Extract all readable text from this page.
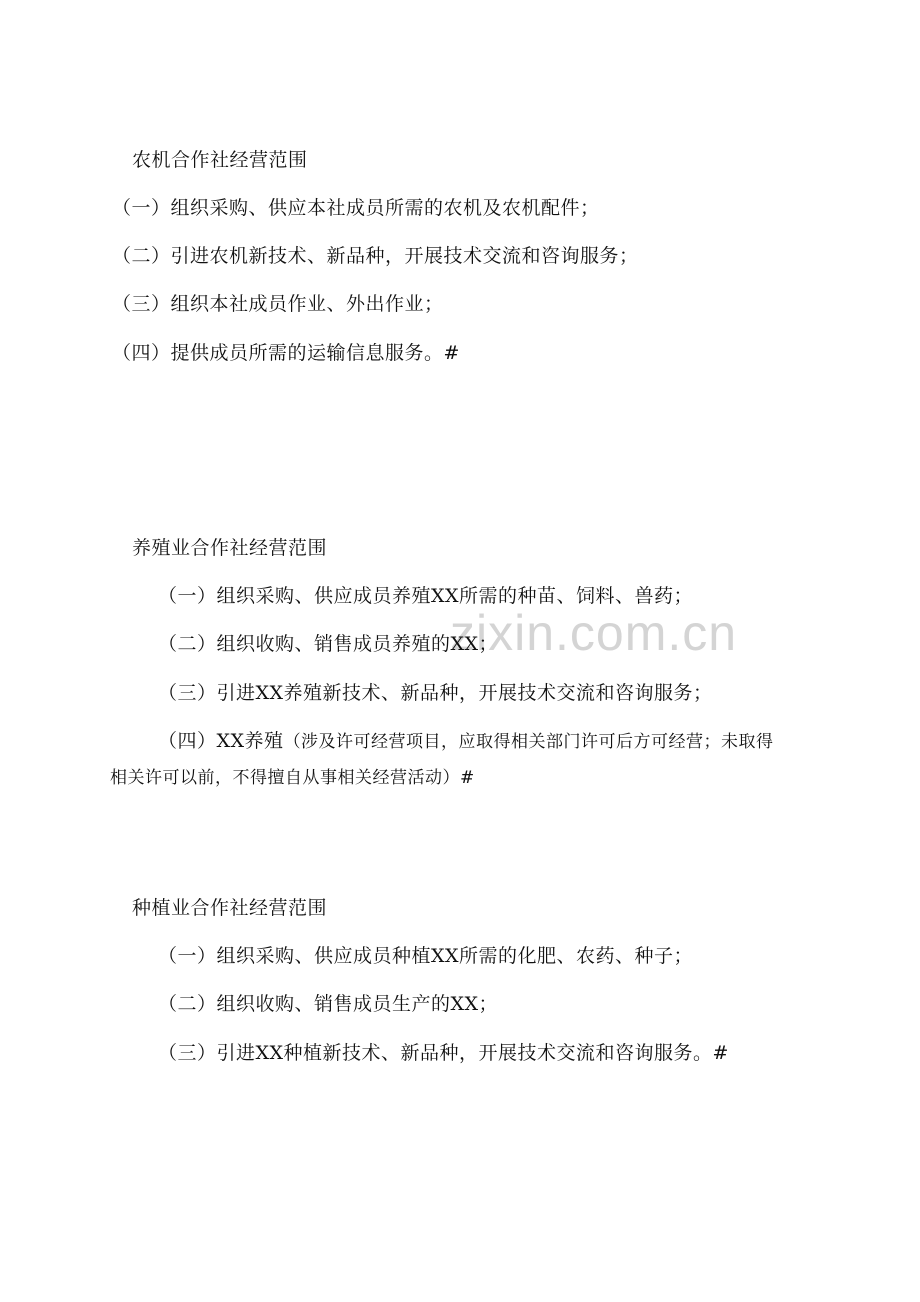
zixin.com.cn
农机合作社经营范围
（一）组织采购、供应本社成员所需的农机及农机配件；
（二）引进农机新技术、新品种，开展技术交流和咨询服务；
（三）组织本社成员作业、外出作业；
（四）提供成员所需的运输信息服务。#
养殖业合作社经营范围
（一）组织采购、供应成员养殖XX所需的种苗、饲料、兽药；
（二）组织收购、销售成员养殖的XX；
（三）引进XX养殖新技术、新品种，开展技术交流和咨询服务；
（四）XX养殖（涉及许可经营项目，应取得相关部门许可后方可经营；未取得
相关许可以前，不得擅自从事相关经营活动）#
种植业合作社经营范围
（一）组织采购、供应成员种植XX所需的化肥、农药、种子；
（二）组织收购、销售成员生产的XX；
（三）引进XX种植新技术、新品种，开展技术交流和咨询服务。#
